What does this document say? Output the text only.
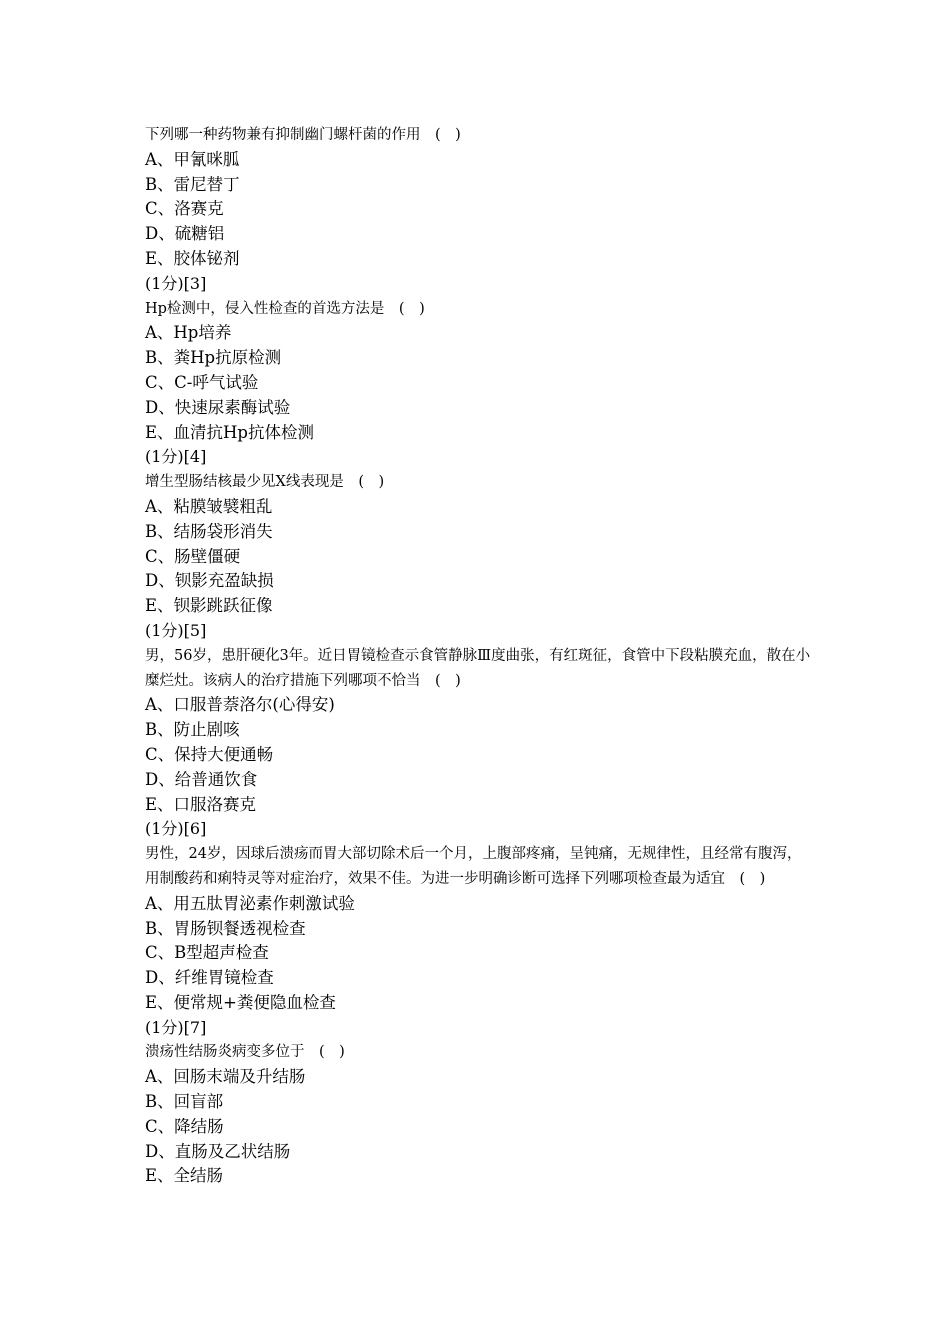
下列哪一种药物兼有抑制幽门螺杆菌的作用　(　)
A、甲氰咪胍
B、雷尼替丁
C、洛赛克
D、硫糖铝
E、胶体铋剂
(1分)[3]
Hp检测中，侵入性检查的首选方法是　(　)
A、Hp培养
B、粪Hp抗原检测
C、C-呼气试验
D、快速尿素酶试验
E、血清抗Hp抗体检测
(1分)[4]
增生型肠结核最少见X线表现是　(　)
A、粘膜皱襞粗乱
B、结肠袋形消失
C、肠壁僵硬
D、钡影充盈缺损
E、钡影跳跃征像
(1分)[5]
男，56岁，患肝硬化3年。近日胃镜检查示食管静脉Ⅲ度曲张，有红斑征，食管中下段粘膜充血，散在小糜烂灶。该病人的治疗措施下列哪项不恰当　(　)
A、口服普萘洛尔(心得安)
B、防止剧咳
C、保持大便通畅
D、给普通饮食
E、口服洛赛克
(1分)[6]
男性，24岁，因球后溃疡而胃大部切除术后一个月，上腹部疼痛，呈钝痛，无规律性，且经常有腹泻，用制酸药和痢特灵等对症治疗，效果不佳。为进一步明确诊断可选择下列哪项检查最为适宜　(　)
A、用五肽胃泌素作刺激试验
B、胃肠钡餐透视检查
C、B型超声检查
D、纤维胃镜检查
E、便常规+粪便隐血检查
(1分)[7]
溃疡性结肠炎病变多位于　(　)
A、回肠末端及升结肠
B、回盲部
C、降结肠
D、直肠及乙状结肠
E、全结肠
